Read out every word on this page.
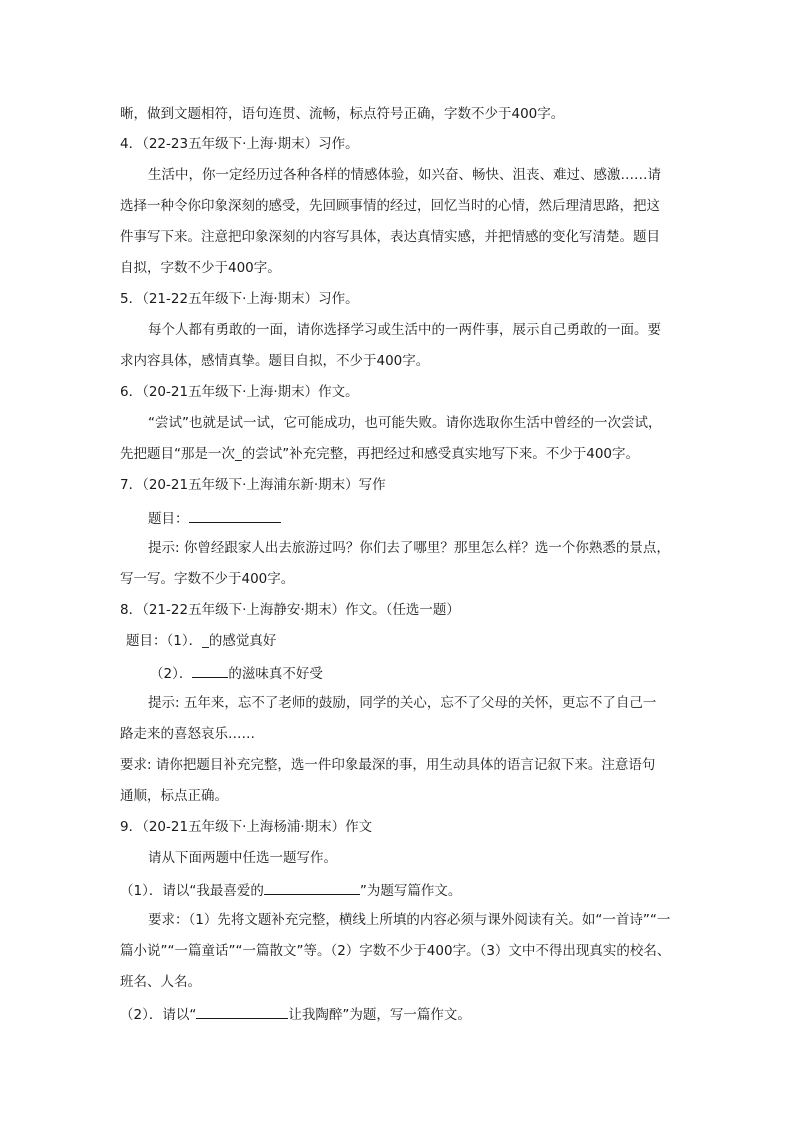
晰，做到文题相符，语句连贯、流畅，标点符号正确，字数不少于400字。
4．（22-23五年级下·上海·期末）习作。
生活中，你一定经历过各种各样的情感体验，如兴奋、畅快、沮丧、难过、感激……请
选择一种令你印象深刻的感受，先回顾事情的经过，回忆当时的心情，然后理清思路，把这
件事写下来。注意把印象深刻的内容写具体，表达真情实感，并把情感的变化写清楚。题目
自拟，字数不少于400字。
5．（21-22五年级下·上海·期末）习作。
每个人都有勇敢的一面，请你选择学习或生活中的一两件事，展示自己勇敢的一面。要
求内容具体，感情真挚。题目自拟，不少于400字。
6．（20-21五年级下·上海·期末）作文。
“尝试”也就是试一试，它可能成功，也可能失败。请你选取你生活中曾经的一次尝试，
先把题目“那是一次_的尝试”补充完整，再把经过和感受真实地写下来。不少于400字。
7．（20-21五年级下·上海浦东新·期末）写作
题目：
提示: 你曾经跟家人出去旅游过吗？你们去了哪里？那里怎么样？选一个你熟悉的景点，
写一写。字数不少于400字。
8．（21-22五年级下·上海静安·期末）作文。（任选一题）
题目：（1）．_的感觉真好
（2）．	的滋味真不好受
提示: 五年来，忘不了老师的鼓励，同学的关心，忘不了父母的关怀，更忘不了自己一
路走来的喜怒哀乐……
要求: 请你把题目补充完整，选一件印象最深的事，用生动具体的语言记叙下来。注意语句
通顺，标点正确。
9．（20-21五年级下·上海杨浦·期末）作文
请从下面两题中任选一题写作。
（1）．请以“我最喜爱的	”为题写篇作文。
要求：（1）先将文题补充完整，横线上所填的内容必须与课外阅读有关。如“一首诗”“一
篇小说”“一篇童话”“一篇散文”等。（2）字数不少于400字。（3）文中不得出现真实的校名、
班名、人名。
（2）．请以“	让我陶醉”为题，写一篇作文。
